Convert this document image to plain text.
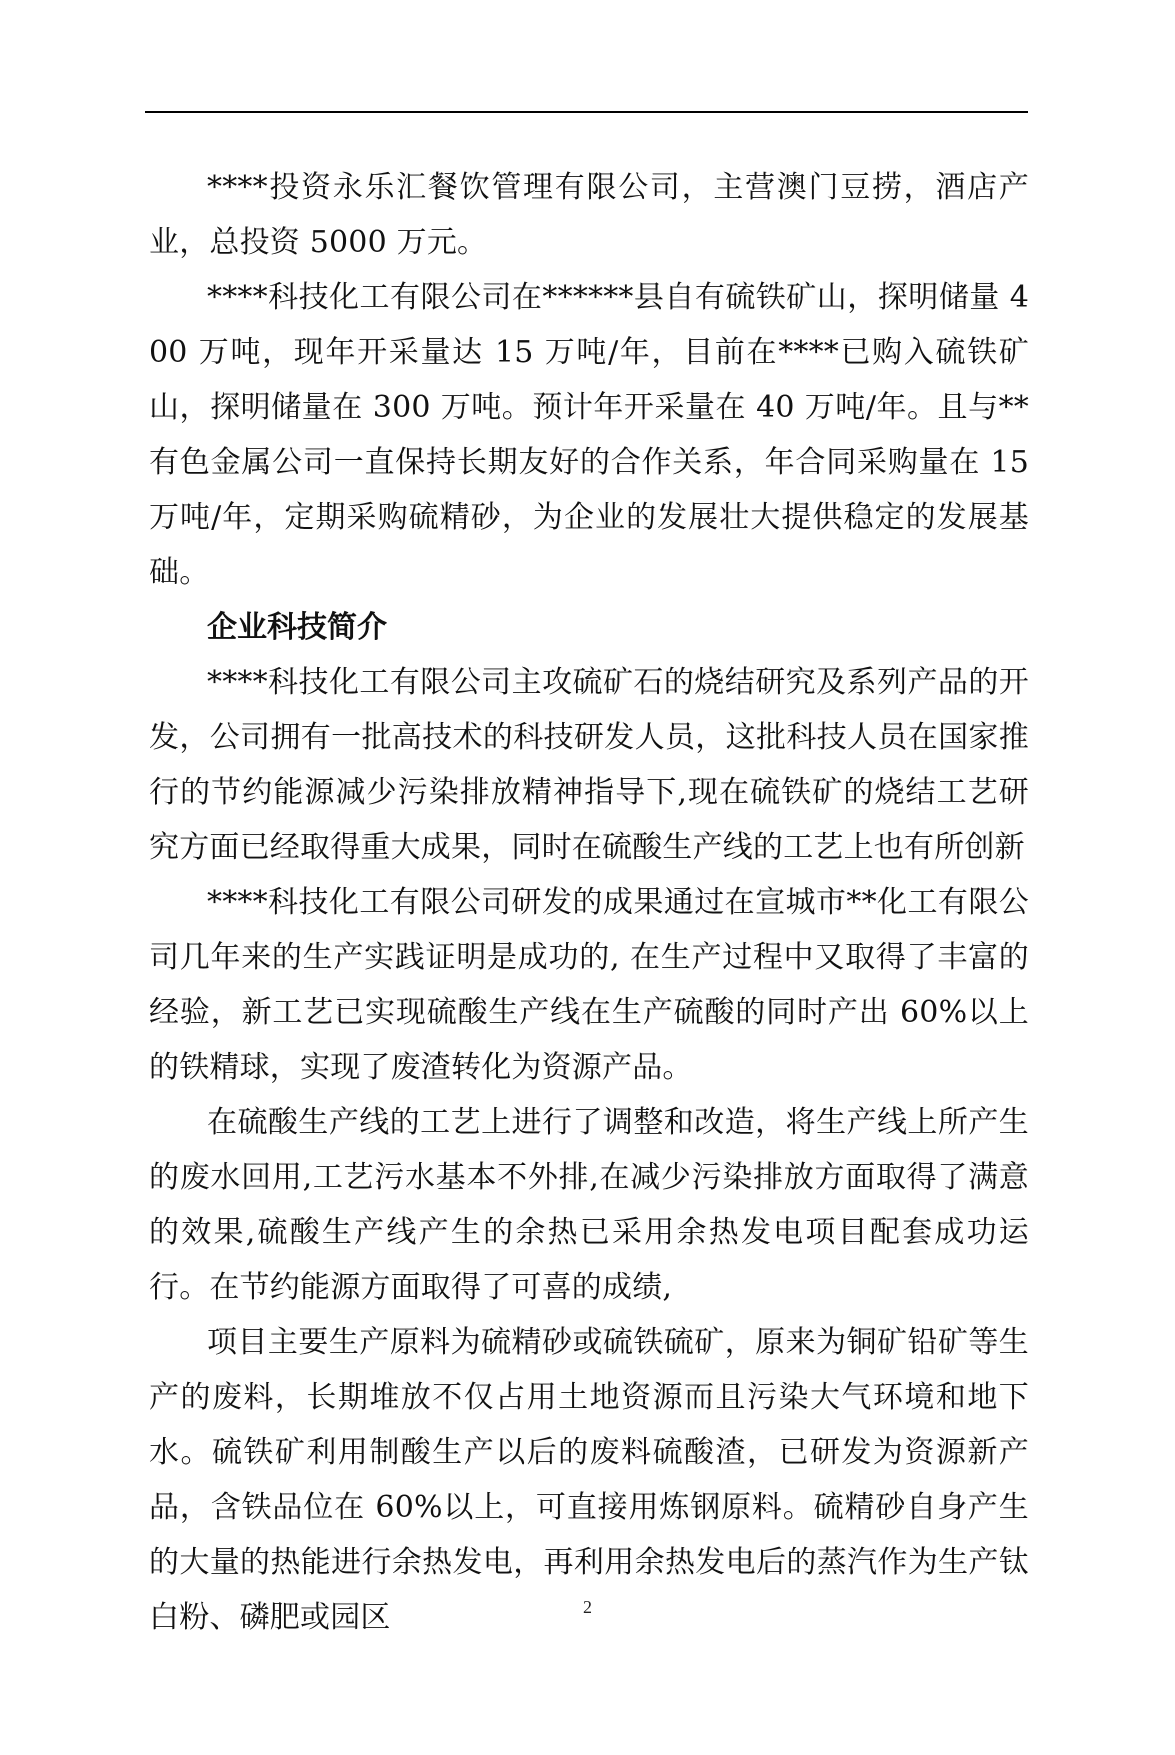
****投资永乐汇餐饮管理有限公司，主营澳门豆捞，酒店产业，总投资 5000 万元。

****科技化工有限公司在******县自有硫铁矿山，探明储量 400 万吨，现年开采量达 15 万吨/年，目前在****已购入硫铁矿山，探明储量在 300 万吨。预计年开采量在 40 万吨/年。且与**有色金属公司一直保持长期友好的合作关系，年合同采购量在 15 万吨/年，定期采购硫精砂，为企业的发展壮大提供稳定的发展基础。

企业科技简介

****科技化工有限公司主攻硫矿石的烧结研究及系列产品的开发，公司拥有一批高技术的科技研发人员，这批科技人员在国家推行的节约能源减少污染排放精神指导下,现在硫铁矿的烧结工艺研究方面已经取得重大成果，同时在硫酸生产线的工艺上也有所创新

****科技化工有限公司研发的成果通过在宣城市**化工有限公司几年来的生产实践证明是成功的, 在生产过程中又取得了丰富的经验，新工艺已实现硫酸生产线在生产硫酸的同时产出 60%以上的铁精球，实现了废渣转化为资源产品。

在硫酸生产线的工艺上进行了调整和改造，将生产线上所产生的废水回用,工艺污水基本不外排,在减少污染排放方面取得了满意的效果,硫酸生产线产生的余热已采用余热发电项目配套成功运行。在节约能源方面取得了可喜的成绩,

项目主要生产原料为硫精砂或硫铁硫矿，原来为铜矿铅矿等生产的废料，长期堆放不仅占用土地资源而且污染大气环境和地下水。硫铁矿利用制酸生产以后的废料硫酸渣，已研发为资源新产品，含铁品位在 60%以上，可直接用炼钢原料。硫精砂自身产生的大量的热能进行余热发电，再利用余热发电后的蒸汽作为生产钛白粉、磷肥或园区	2
